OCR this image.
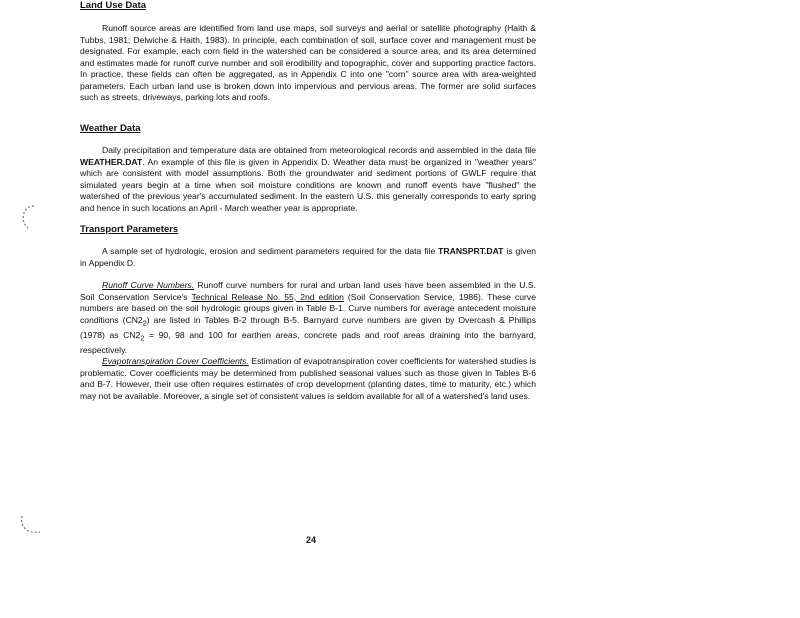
Land Use Data

Runoff source areas are identified from land use maps, soil surveys and aerial or satellite photography (Haith & Tubbs, 1981; Delwiche & Haith, 1983). In principle, each combination of soil, surface cover and management must be designated. For example, each corn field in the watershed can be considered a source area, and its area determined and estimates made for runoff curve number and soil erodibility and topographic, cover and supporting practice factors. In practice, these fields can often be aggregated, as in Appendix C into one "corn" source area with area-weighted parameters. Each urban land use is broken down into impervious and pervious areas. The former are solid surfaces such as streets, driveways, parking lots and roofs.

Weather Data

Daily precipitation and temperature data are obtained from meteorological records and assembled in the data file WEATHER.DAT. An example of this file is given in Appendix D. Weather data must be organized in "weather years" which are consistent with model assumptions. Both the groundwater and sediment portions of GWLF require that simulated years begin at a time when soil moisture conditions are known and runoff events have "flushed" the watershed of the previous year's accumulated sediment. In the eastern U.S. this generally corresponds to early spring and hence in such locations an April - March weather year is appropriate.

Transport Parameters

A sample set of hydrologic, erosion and sediment parameters required for the data file TRANSPRT.DAT is given in Appendix D.

Runoff Curve Numbers. Runoff curve numbers for rural and urban land uses have been assembled in the U.S. Soil Conservation Service's Technical Release No. 55, 2nd edition (Soil Conservation Service, 1986). These curve numbers are based on the soil hydrologic groups given in Table B-1. Curve numbers for average antecedent moisture conditions $(CN2_2)$ are listed in Tables B-2 through B-5. Barnyard curve numbers are given by Overcash & Phillips (1978) as $CN2_2 = 90$, 98 and 100 for earthen areas, concrete pads and roof areas draining into the barnyard, respectively.

Evapotranspiration Cover Coefficients. Estimation of evapotranspiration cover coefficients for watershed studies is problematic. Cover coefficients may be determined from published seasonal values such as those given in Tables B-6 and B-7. However, their use often requires estimates of crop development (planting dates, time to maturity, etc.) which may not be available. Moreover, a single set of consistent values is seldom available for all of a watershed's land uses.

24
